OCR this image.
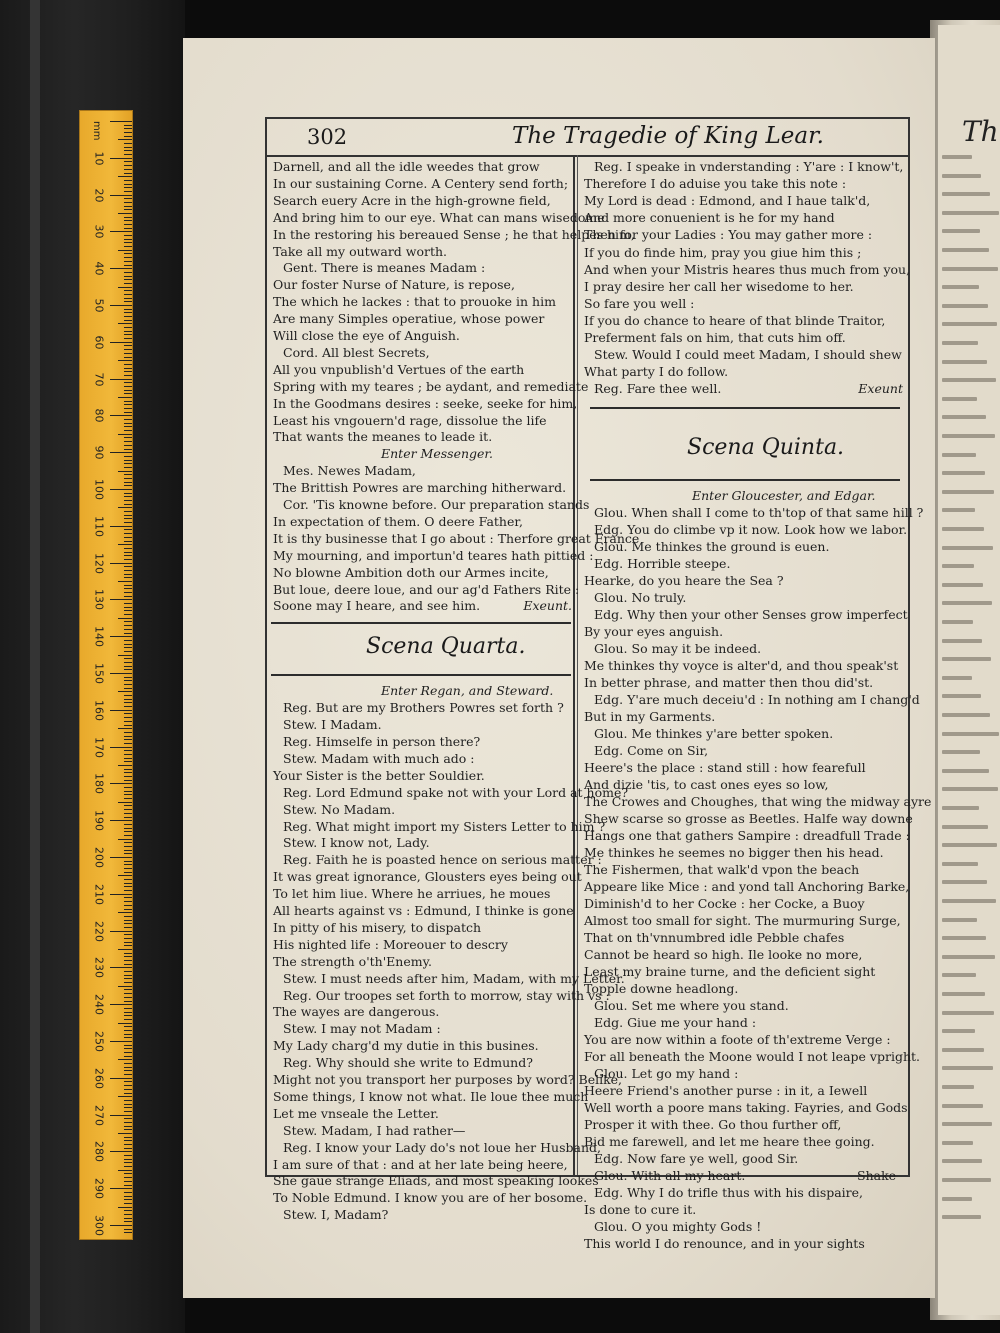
mm
10
20
30
40
50
60
70
80
90
100
110
120
130
140
150
160
170
180
190
200
210
220
230
240
250
260
270
280
290
300
Th
302	The Tragedie of King Lear.
Darnell, and all the idle weedes that grow
In our sustaining Corne. A Centery send forth;
Search euery Acre in the high-growne field,
And bring him to our eye. What can mans wisedome
In the restoring his bereaued Sense ; he that helpes him,
Take all my outward worth.
Gent. There is meanes Madam :
Our foster Nurse of Nature, is repose,
The which he lackes : that to prouoke in him
Are many Simples operatiue, whose power
Will close the eye of Anguish.
Cord. All blest Secrets,
All you vnpublish'd Vertues of the earth
Spring with my teares ; be aydant, and remediate
In the Goodmans desires : seeke, seeke for him,
Least his vngouern'd rage, dissolue the life
That wants the meanes to leade it.
Enter Messenger.
Mes. Newes Madam,
The Brittish Powres are marching hitherward.
Cor. 'Tis knowne before. Our preparation stands
In expectation of them. O deere Father,
It is thy businesse that I go about : Therfore great France
My mourning, and importun'd teares hath pittied :
No blowne Ambition doth our Armes incite,
But loue, deere loue, and our ag'd Fathers Rite :
Soone may I heare, and see him.	Exeunt.
Scena Quarta.
Enter Regan, and Steward.
Reg. But are my Brothers Powres set forth ?
Stew. I Madam.
Reg. Himselfe in person there?
Stew. Madam with much ado :
Your Sister is the better Souldier.
Reg. Lord Edmund spake not with your Lord at home?
Stew. No Madam.
Reg. What might import my Sisters Letter to him ?
Stew. I know not, Lady.
Reg. Faith he is poasted hence on serious matter :
It was great ignorance, Glousters eyes being out
To let him liue. Where he arriues, he moues
All hearts against vs : Edmund, I thinke is gone
In pitty of his misery, to dispatch
His nighted life : Moreouer to descry
The strength o'th'Enemy.
Stew. I must needs after him, Madam, with my Letter.
Reg. Our troopes set forth to morrow, stay with vs :
The wayes are dangerous.
Stew. I may not Madam :
My Lady charg'd my dutie in this busines.
Reg. Why should she write to Edmund?
Might not you transport her purposes by word? Belike,
Some things, I know not what. Ile loue thee much
Let me vnseale the Letter.
Stew. Madam, I had rather—
Reg. I know your Lady do's not loue her Husband,
I am sure of that : and at her late being heere,
She gaue strange Eliads, and most speaking lookes
To Noble Edmund. I know you are of her bosome.
Stew. I, Madam?
Reg. I speake in vnderstanding : Y'are : I know't,
Therefore I do aduise you take this note :
My Lord is dead : Edmond, and I haue talk'd,
And more conuenient is he for my hand
Then for your Ladies : You may gather more :
If you do finde him, pray you giue him this ;
And when your Mistris heares thus much from you,
I pray desire her call her wisedome to her.
So fare you well :
If you do chance to heare of that blinde Traitor,
Preferment fals on him, that cuts him off.
Stew. Would I could meet Madam, I should shew
What party I do follow.
Reg. Fare thee well.	Exeunt
Scena Quinta.
Enter Gloucester, and Edgar.
Glou. When shall I come to th'top of that same hill ?
Edg. You do climbe vp it now. Look how we labor.
Glou. Me thinkes the ground is euen.
Edg. Horrible steepe.
Hearke, do you heare the Sea ?
Glou. No truly.
Edg. Why then your other Senses grow imperfect
By your eyes anguish.
Glou. So may it be indeed.
Me thinkes thy voyce is alter'd, and thou speak'st
In better phrase, and matter then thou did'st.
Edg. Y'are much deceiu'd : In nothing am I chang'd
But in my Garments.
Glou. Me thinkes y'are better spoken.
Edg. Come on Sir,
Heere's the place : stand still : how fearefull
And dizie 'tis, to cast ones eyes so low,
The Crowes and Choughes, that wing the midway ayre
Shew scarse so grosse as Beetles. Halfe way downe
Hangs one that gathers Sampire : dreadfull Trade :
Me thinkes he seemes no bigger then his head.
The Fishermen, that walk'd vpon the beach
Appeare like Mice : and yond tall Anchoring Barke,
Diminish'd to her Cocke : her Cocke, a Buoy
Almost too small for sight. The murmuring Surge,
That on th'vnnumbred idle Pebble chafes
Cannot be heard so high. Ile looke no more,
Least my braine turne, and the deficient sight
Topple downe headlong.
Glou. Set me where you stand.
Edg. Giue me your hand :
You are now within a foote of th'extreme Verge :
For all beneath the Moone would I not leape vpright.
Glou. Let go my hand :
Heere Friend's another purse : in it, a Iewell
Well worth a poore mans taking. Fayries, and Gods
Prosper it with thee. Go thou further off,
Bid me farewell, and let me heare thee going.
Edg. Now fare ye well, good Sir.
Glou. With all my heart.
Edg. Why I do trifle thus with his dispaire,
Is done to cure it.
Glou. O you mighty Gods !
This world I do renounce, and in your sights
Shake
